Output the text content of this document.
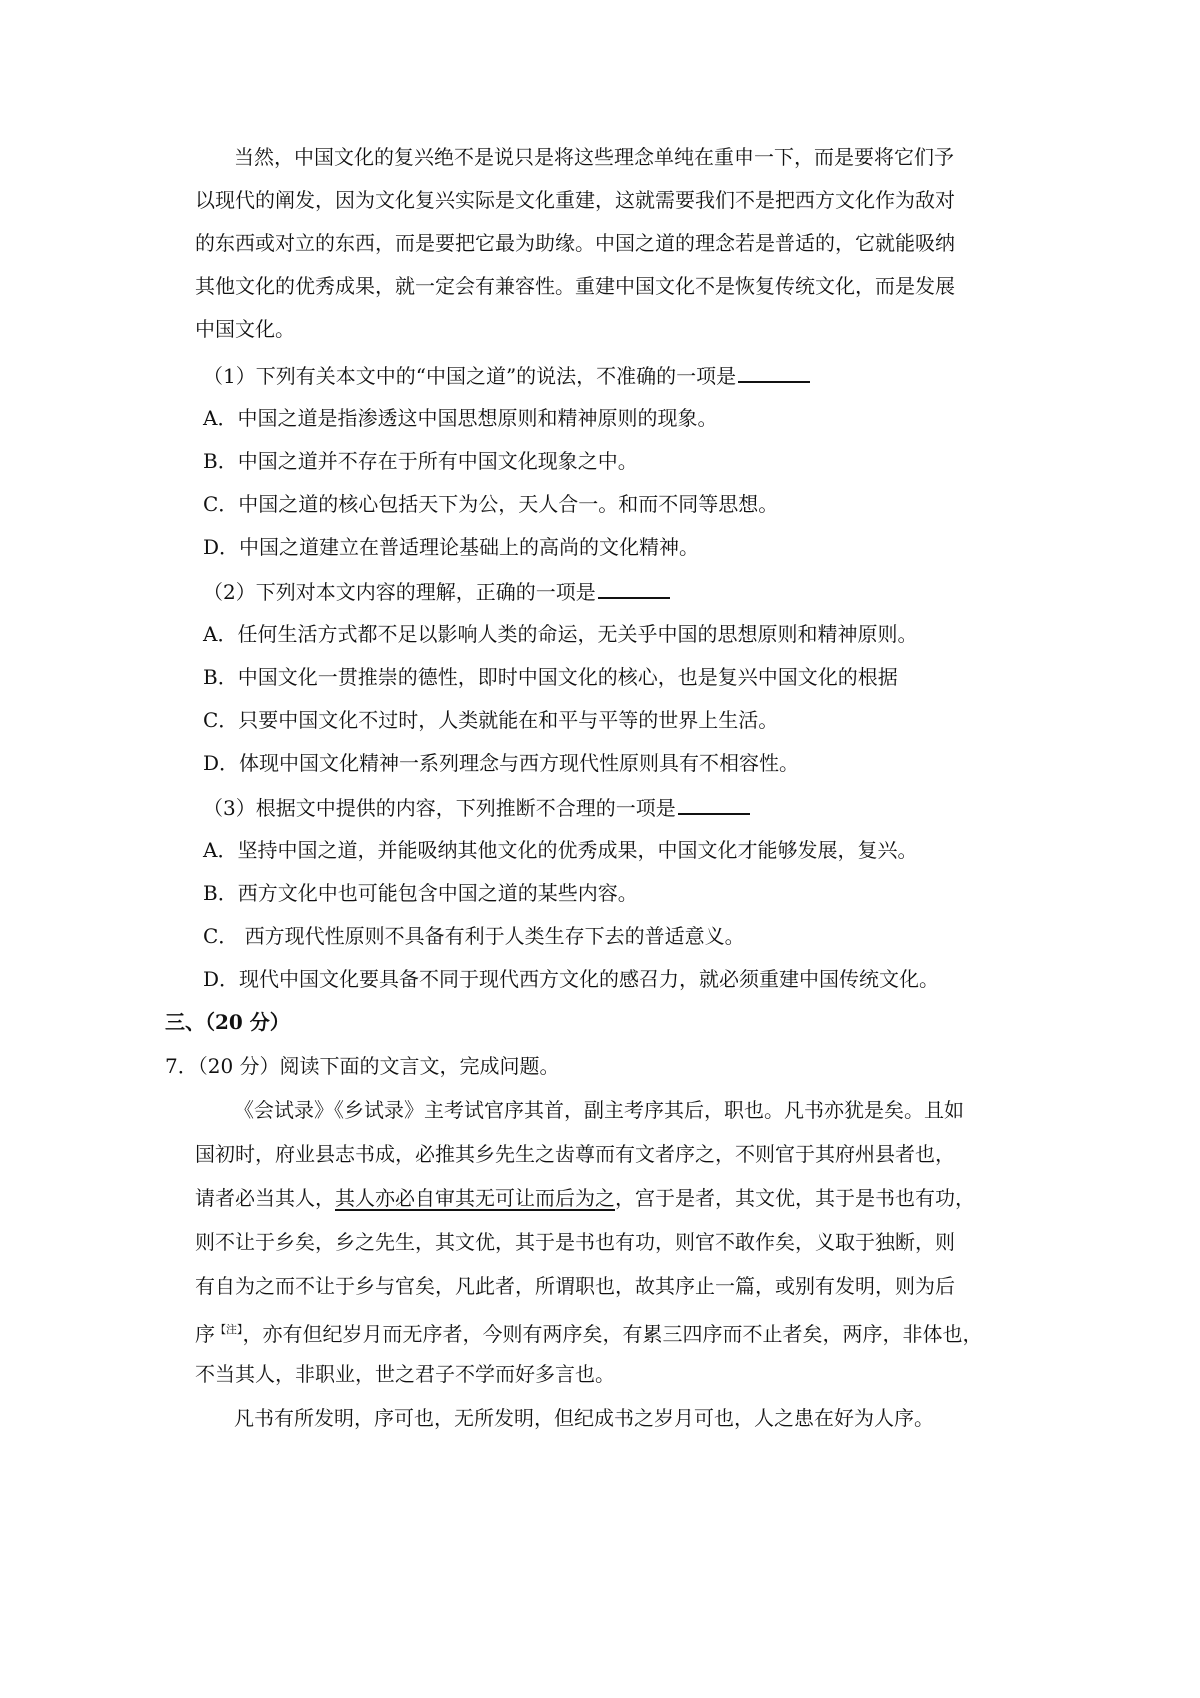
当然，中国文化的复兴绝不是说只是将这些理念单纯在重申一下，而是要将它们予
以现代的阐发，因为文化复兴实际是文化重建，这就需要我们不是把西方文化作为敌对
的东西或对立的东西，而是要把它最为助缘。中国之道的理念若是普适的，它就能吸纳
其他文化的优秀成果，就一定会有兼容性。重建中国文化不是恢复传统文化，而是发展
中国文化。
（1）下列有关本文中的“中国之道”的说法，不准确的一项是
A．中国之道是指渗透这中国思想原则和精神原则的现象。
B．中国之道并不存在于所有中国文化现象之中。
C．中国之道的核心包括天下为公，天人合一。和而不同等思想。
D．中国之道建立在普适理论基础上的高尚的文化精神。
（2）下列对本文内容的理解，正确的一项是
A．任何生活方式都不足以影响人类的命运，无关乎中国的思想原则和精神原则。
B．中国文化一贯推崇的德性，即时中国文化的核心，也是复兴中国文化的根据
C．只要中国文化不过时，人类就能在和平与平等的世界上生活。
D．体现中国文化精神一系列理念与西方现代性原则具有不相容性。
（3）根据文中提供的内容，下列推断不合理的一项是
A．坚持中国之道，并能吸纳其他文化的优秀成果，中国文化才能够发展，复兴。
B．西方文化中也可能包含中国之道的某些内容。
C． 西方现代性原则不具备有利于人类生存下去的普适意义。
D．现代中国文化要具备不同于现代西方文化的感召力，就必须重建中国传统文化。
三、（20 分）
7．（20 分）阅读下面的文言文，完成问题。
《会试录》《乡试录》主考试官序其首，副主考序其后，职也。凡书亦犹是矣。且如
国初时，府业县志书成，必推其乡先生之齿尊而有文者序之，不则官于其府州县者也，
请者必当其人，其人亦必自审其无可让而后为之，宫于是者，其文优，其于是书也有功，
则不让于乡矣，乡之先生，其文优，其于是书也有功，则官不敢作矣，义取于独断，则
有自为之而不让于乡与官矣，凡此者，所谓职也，故其序止一篇，或别有发明，则为后
序$^{【注】}$，亦有但纪岁月而无序者，今则有两序矣，有累三四序而不止者矣，两序，非体也，
不当其人，非职业，世之君子不学而好多言也。
凡书有所发明，序可也，无所发明，但纪成书之岁月可也，人之患在好为人序。
